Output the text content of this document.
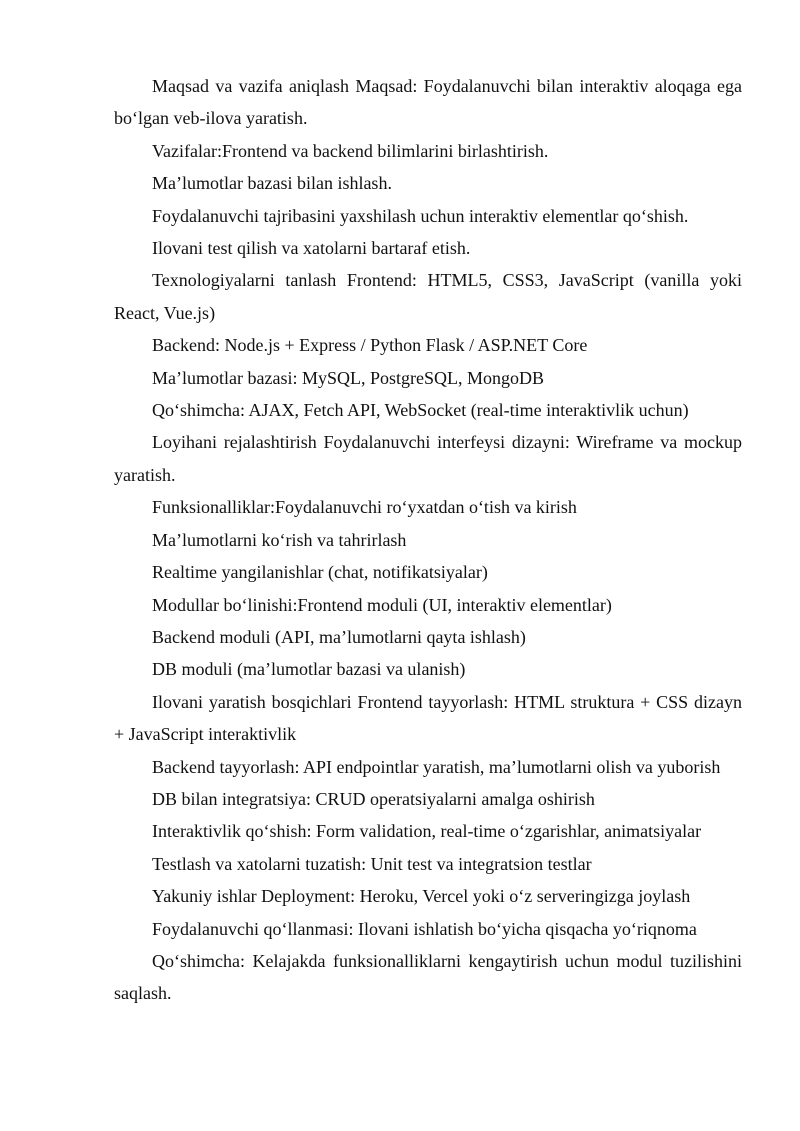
Maqsad va vazifa aniqlash Maqsad: Foydalanuvchi bilan interaktiv aloqaga ega bo‘lgan veb-ilova yaratish.

Vazifalar:Frontend va backend bilimlarini birlashtirish.

Ma’lumotlar bazasi bilan ishlash.

Foydalanuvchi tajribasini yaxshilash uchun interaktiv elementlar qo‘shish.

Ilovani test qilish va xatolarni bartaraf etish.

Texnologiyalarni tanlash Frontend: HTML5, CSS3, JavaScript (vanilla yoki React, Vue.js)

Backend: Node.js + Express / Python Flask / ASP.NET Core

Ma’lumotlar bazasi: MySQL, PostgreSQL, MongoDB

Qo‘shimcha: AJAX, Fetch API, WebSocket (real-time interaktivlik uchun)

Loyihani rejalashtirish Foydalanuvchi interfeysi dizayni: Wireframe va mockup yaratish.

Funksionalliklar:Foydalanuvchi ro‘yxatdan o‘tish va kirish

Ma’lumotlarni ko‘rish va tahrirlash

Realtime yangilanishlar (chat, notifikatsiyalar)

Modullar bo‘linishi:Frontend moduli (UI, interaktiv elementlar)

Backend moduli (API, ma’lumotlarni qayta ishlash)

DB moduli (ma’lumotlar bazasi va ulanish)

Ilovani yaratish bosqichlari Frontend tayyorlash: HTML struktura + CSS dizayn + JavaScript interaktivlik

Backend tayyorlash: API endpointlar yaratish, ma’lumotlarni olish va yuborish

DB bilan integratsiya: CRUD operatsiyalarni amalga oshirish

Interaktivlik qo‘shish: Form validation, real-time o‘zgarishlar, animatsiyalar

Testlash va xatolarni tuzatish: Unit test va integratsion testlar

Yakuniy ishlar Deployment: Heroku, Vercel yoki o‘z serveringizga joylash

Foydalanuvchi qo‘llanmasi: Ilovani ishlatish bo‘yicha qisqacha yo‘riqnoma

Qo‘shimcha: Kelajakda funksionalliklarni kengaytirish uchun modul tuzilishini saqlash.
